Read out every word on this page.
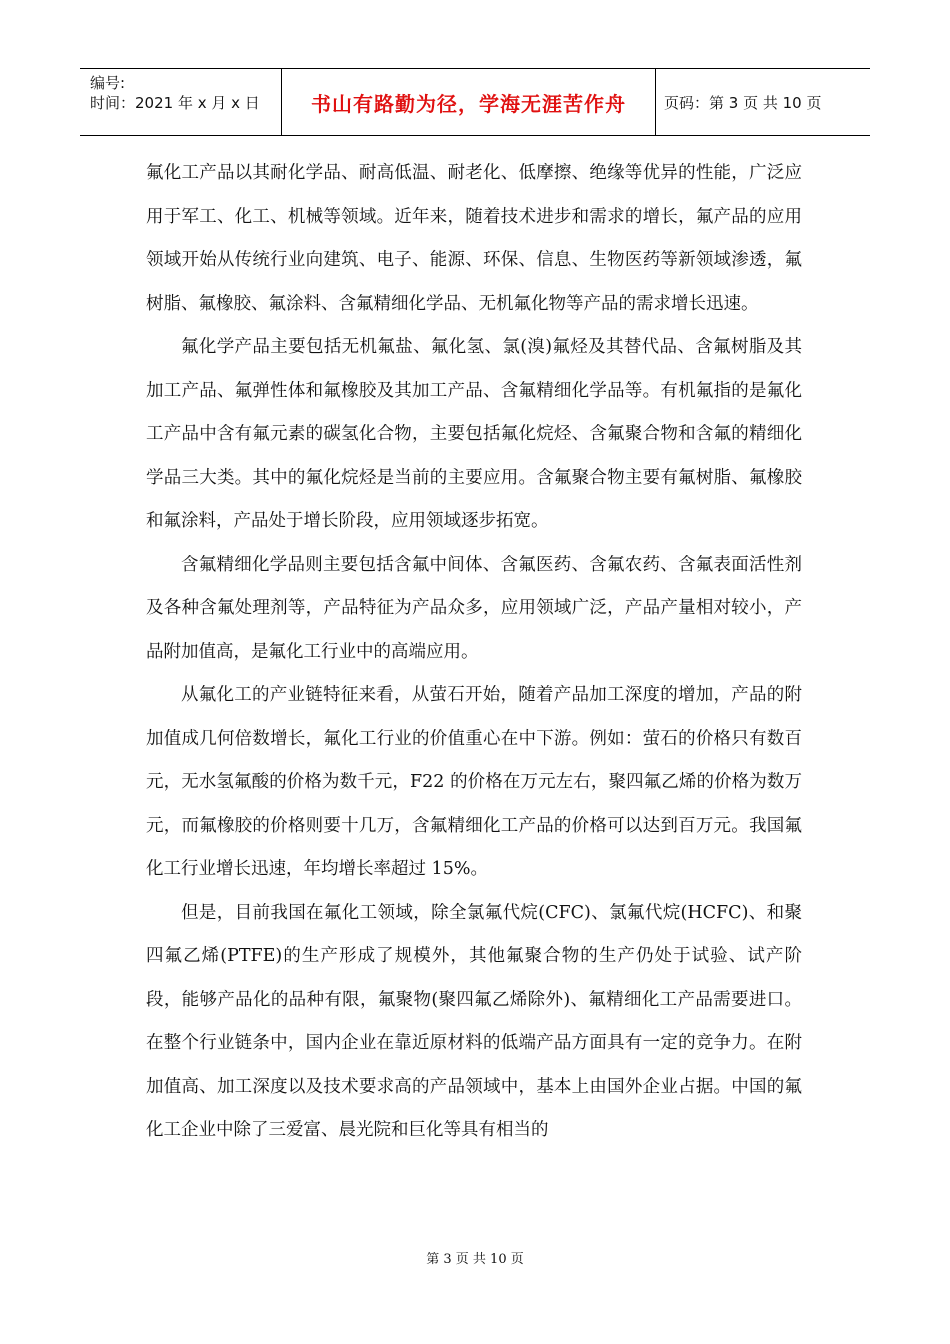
编号:
时间：2021 年 x 月 x 日	书山有路勤为径，学海无涯苦作舟	页码：第 3 页 共 10 页

氟化工产品以其耐化学品、耐高低温、耐老化、低摩擦、绝缘等优异的性能，广泛应用于军工、化工、机械等领域。近年来，随着技术进步和需求的增长，氟产品的应用领域开始从传统行业向建筑、电子、能源、环保、信息、生物医药等新领域渗透，氟树脂、氟橡胶、氟涂料、含氟精细化学品、无机氟化物等产品的需求增长迅速。

氟化学产品主要包括无机氟盐、氟化氢、氯(溴)氟烃及其替代品、含氟树脂及其加工产品、氟弹性体和氟橡胶及其加工产品、含氟精细化学品等。有机氟指的是氟化工产品中含有氟元素的碳氢化合物，主要包括氟化烷烃、含氟聚合物和含氟的精细化学品三大类。其中的氟化烷烃是当前的主要应用。含氟聚合物主要有氟树脂、氟橡胶和氟涂料，产品处于增长阶段，应用领域逐步拓宽。

含氟精细化学品则主要包括含氟中间体、含氟医药、含氟农药、含氟表面活性剂及各种含氟处理剂等，产品特征为产品众多，应用领域广泛，产品产量相对较小，产品附加值高，是氟化工行业中的高端应用。

从氟化工的产业链特征来看，从萤石开始，随着产品加工深度的增加，产品的附加值成几何倍数增长，氟化工行业的价值重心在中下游。例如：萤石的价格只有数百元，无水氢氟酸的价格为数千元，F22 的价格在万元左右，聚四氟乙烯的价格为数万元，而氟橡胶的价格则要十几万，含氟精细化工产品的价格可以达到百万元。我国氟化工行业增长迅速，年均增长率超过 15%。

但是，目前我国在氟化工领域，除全氯氟代烷(CFC)、氯氟代烷(HCFC)、和聚四氟乙烯(PTFE)的生产形成了规模外，其他氟聚合物的生产仍处于试验、试产阶段，能够产品化的品种有限，氟聚物(聚四氟乙烯除外)、氟精细化工产品需要进口。在整个行业链条中，国内企业在靠近原材料的低端产品方面具有一定的竞争力。在附加值高、加工深度以及技术要求高的产品领域中，基本上由国外企业占据。中国的氟化工企业中除了三爱富、晨光院和巨化等具有相当的

第 3 页 共 10 页
